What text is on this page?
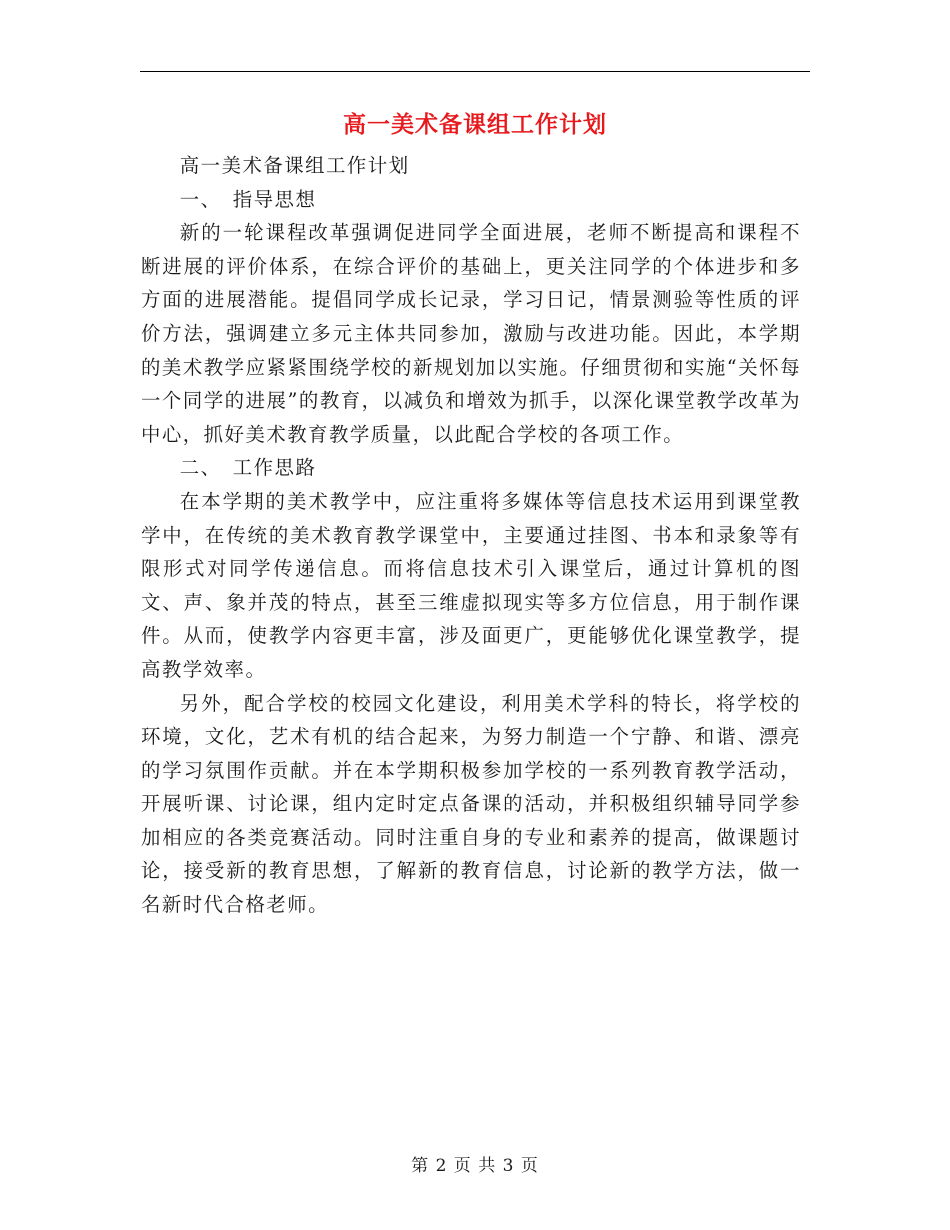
高一美术备课组工作计划

高一美术备课组工作计划

一、　指导思想

新的一轮课程改革强调促进同学全面进展，老师不断提高和课程不断进展的评价体系，在综合评价的基础上，更关注同学的个体进步和多方面的进展潜能。提倡同学成长记录，学习日记，情景测验等性质的评价方法，强调建立多元主体共同参加，激励与改进功能。因此，本学期的美术教学应紧紧围绕学校的新规划加以实施。仔细贯彻和实施“关怀每一个同学的进展”的教育，以减负和增效为抓手，以深化课堂教学改革为中心，抓好美术教育教学质量，以此配合学校的各项工作。

二、　工作思路

在本学期的美术教学中，应注重将多媒体等信息技术运用到课堂教学中，在传统的美术教育教学课堂中，主要通过挂图、书本和录象等有限形式对同学传递信息。而将信息技术引入课堂后，通过计算机的图文、声、象并茂的特点，甚至三维虚拟现实等多方位信息，用于制作课件。从而，使教学内容更丰富，涉及面更广，更能够优化课堂教学，提高教学效率。

另外，配合学校的校园文化建设，利用美术学科的特长，将学校的环境，文化，艺术有机的结合起来，为努力制造一个宁静、和谐、漂亮的学习氛围作贡献。并在本学期积极参加学校的一系列教育教学活动，开展听课、讨论课，组内定时定点备课的活动，并积极组织辅导同学参加相应的各类竞赛活动。同时注重自身的专业和素养的提高，做课题讨论，接受新的教育思想，了解新的教育信息，讨论新的教学方法，做一名新时代合格老师。

第 2 页 共 3 页
